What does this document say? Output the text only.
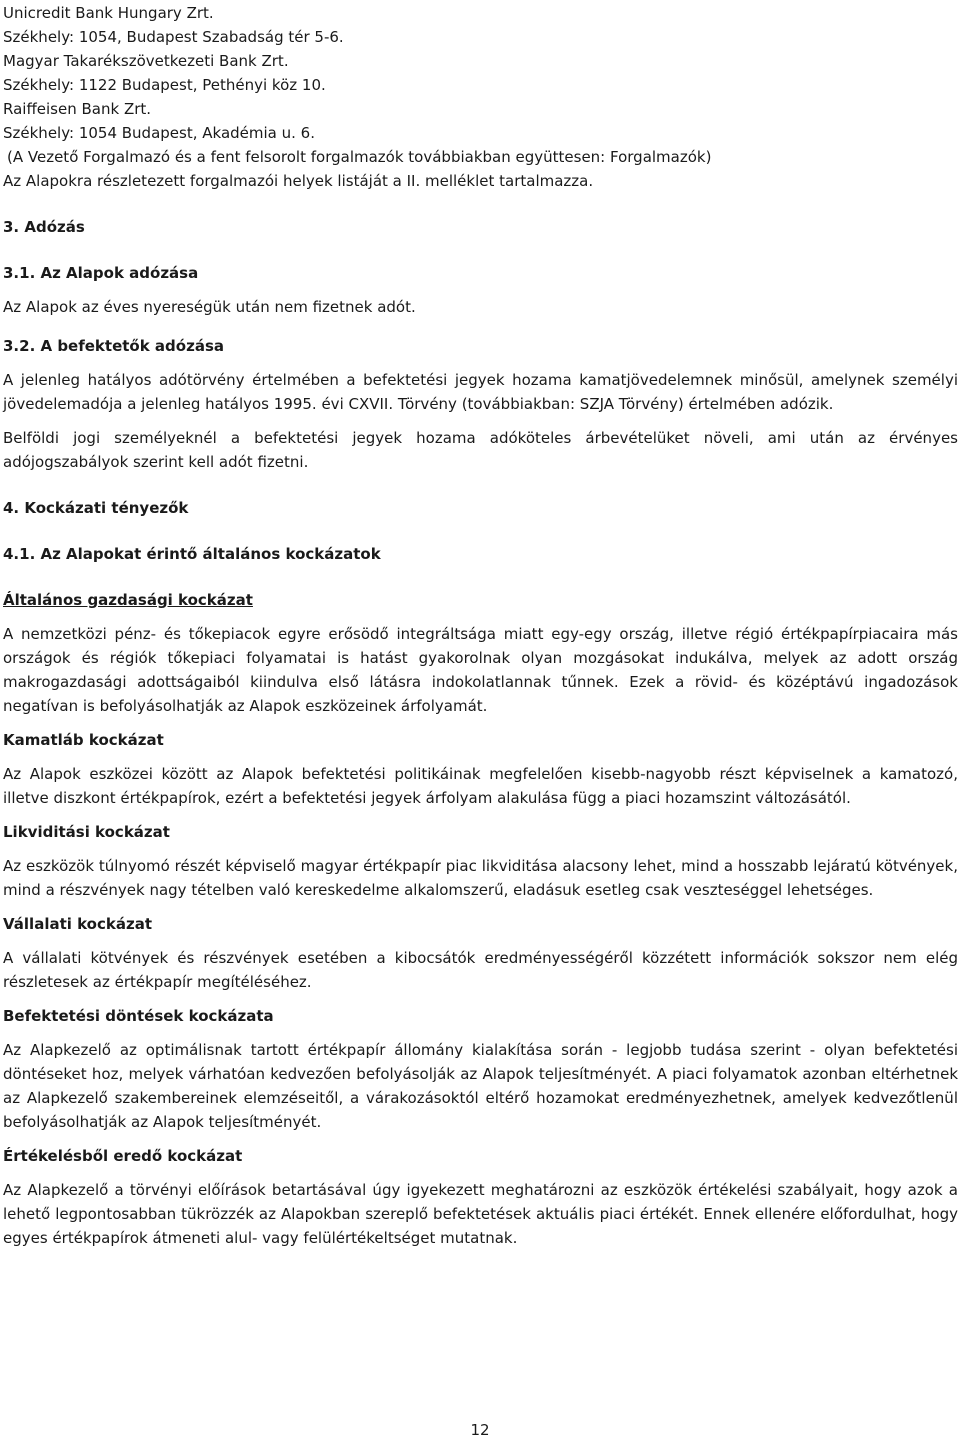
Unicredit Bank Hungary Zrt.

Székhely: 1054, Budapest Szabadság tér 5-6.

Magyar Takarékszövetkezeti Bank Zrt.

Székhely: 1122 Budapest, Pethényi köz 10.

Raiffeisen Bank Zrt.

Székhely: 1054 Budapest, Akadémia u. 6.

(A Vezető Forgalmazó és a fent felsorolt forgalmazók továbbiakban együttesen: Forgalmazók)

Az Alapokra részletezett forgalmazói helyek listáját a II. melléklet tartalmazza.

3. Adózás
3.1. Az Alapok adózása

Az Alapok az éves nyereségük után nem fizetnek adót.

3.2. A befektetők adózása

A jelenleg hatályos adótörvény értelmében a befektetési jegyek hozama kamatjövedelemnek minősül, amelynek személyi jövedelemadója a jelenleg hatályos 1995. évi CXVII. Törvény (továbbiakban: SZJA Törvény) értelmében adózik.

Belföldi jogi személyeknél a befektetési jegyek hozama adóköteles árbevételüket növeli, ami után az érvényes adójogszabályok szerint kell adót fizetni.

4. Kockázati tényezők
4.1. Az Alapokat érintő általános kockázatok

Általános gazdasági kockázat

A nemzetközi pénz- és tőkepiacok egyre erősödő integráltsága miatt egy-egy ország, illetve régió értékpapírpiacaira más országok és régiók tőkepiaci folyamatai is hatást gyakorolnak olyan mozgásokat indukálva, melyek az adott ország makrogazdasági adottságaiból kiindulva első látásra indokolatlannak tűnnek. Ezek a rövid- és középtávú ingadozások negatívan is befolyásolhatják az Alapok eszközeinek árfolyamát.

Kamatláb kockázat

Az Alapok eszközei között az Alapok befektetési politikáinak megfelelően kisebb-nagyobb részt képviselnek a kamatozó, illetve diszkont értékpapírok, ezért a befektetési jegyek árfolyam alakulása függ a piaci hozamszint változásától.

Likviditási kockázat

Az eszközök túlnyomó részét képviselő magyar értékpapír piac likviditása alacsony lehet, mind a hosszabb lejáratú kötvények, mind a részvények nagy tételben való kereskedelme alkalomszerű, eladásuk esetleg csak veszteséggel lehetséges.

Vállalati kockázat

A vállalati kötvények és részvények esetében a kibocsátók eredményességéről közzétett információk sokszor nem elég részletesek az értékpapír megítéléséhez.

Befektetési döntések kockázata

Az Alapkezelő az optimálisnak tartott értékpapír állomány kialakítása során - legjobb tudása szerint - olyan befektetési döntéseket hoz, melyek várhatóan kedvezően befolyásolják az Alapok teljesítményét. A piaci folyamatok azonban eltérhetnek az Alapkezelő szakembereinek elemzéseitől, a várakozásoktól eltérő hozamokat eredményezhetnek, amelyek kedvezőtlenül befolyásolhatják az Alapok teljesítményét.

Értékelésből eredő kockázat

Az Alapkezelő a törvényi előírások betartásával úgy igyekezett meghatározni az eszközök értékelési szabályait, hogy azok a lehető legpontosabban tükrözzék az Alapokban szereplő befektetések aktuális piaci értékét. Ennek ellenére előfordulhat, hogy egyes értékpapírok átmeneti alul- vagy felülértékeltséget mutatnak.

12
